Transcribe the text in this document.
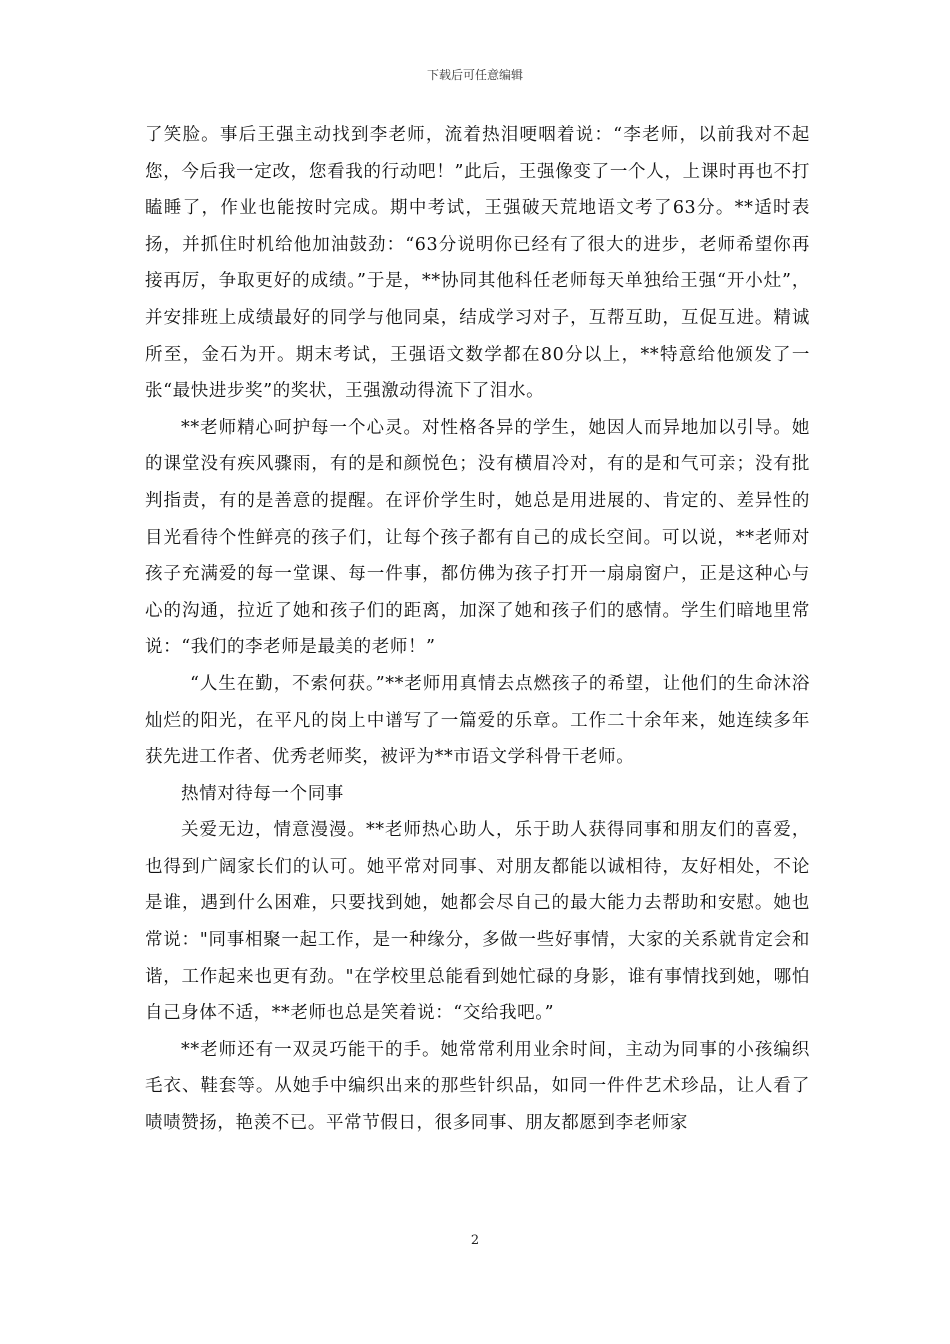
下载后可任意编辑

了笑脸。事后王强主动找到李老师，流着热泪哽咽着说：“李老师，以前我对不起您，今后我一定改，您看我的行动吧！”此后，王强像变了一个人，上课时再也不打瞌睡了，作业也能按时完成。期中考试，王强破天荒地语文考了63分。**适时表扬，并抓住时机给他加油鼓劲：“63分说明你已经有了很大的进步，老师希望你再接再厉，争取更好的成绩。”于是，**协同其他科任老师每天单独给王强“开小灶”，并安排班上成绩最好的同学与他同桌，结成学习对子，互帮互助，互促互进。精诚所至，金石为开。期末考试，王强语文数学都在80分以上，**特意给他颁发了一张“最快进步奖”的奖状，王强激动得流下了泪水。

**老师精心呵护每一个心灵。对性格各异的学生，她因人而异地加以引导。她的课堂没有疾风骤雨，有的是和颜悦色；没有横眉冷对，有的是和气可亲；没有批判指责，有的是善意的提醒。在评价学生时，她总是用进展的、肯定的、差异性的目光看待个性鲜亮的孩子们，让每个孩子都有自己的成长空间。可以说，**老师对孩子充满爱的每一堂课、每一件事，都仿佛为孩子打开一扇扇窗户，正是这种心与心的沟通，拉近了她和孩子们的距离，加深了她和孩子们的感情。学生们暗地里常说：“我们的李老师是最美的老师！”

“人生在勤，不索何获。”**老师用真情去点燃孩子的希望，让他们的生命沐浴灿烂的阳光，在平凡的岗上中谱写了一篇爱的乐章。工作二十余年来，她连续多年获先进工作者、优秀老师奖，被评为**市语文学科骨干老师。

热情对待每一个同事

关爱无边，情意漫漫。**老师热心助人，乐于助人获得同事和朋友们的喜爱，也得到广阔家长们的认可。她平常对同事、对朋友都能以诚相待，友好相处，不论是谁，遇到什么困难，只要找到她，她都会尽自己的最大能力去帮助和安慰。她也常说："同事相聚一起工作，是一种缘分，多做一些好事情，大家的关系就肯定会和谐，工作起来也更有劲。"在学校里总能看到她忙碌的身影，谁有事情找到她，哪怕自己身体不适，**老师也总是笑着说：“交给我吧。”

**老师还有一双灵巧能干的手。她常常利用业余时间，主动为同事的小孩编织毛衣、鞋套等。从她手中编织出来的那些针织品，如同一件件艺术珍品，让人看了啧啧赞扬，艳羡不已。平常节假日，很多同事、朋友都愿到李老师家

2
